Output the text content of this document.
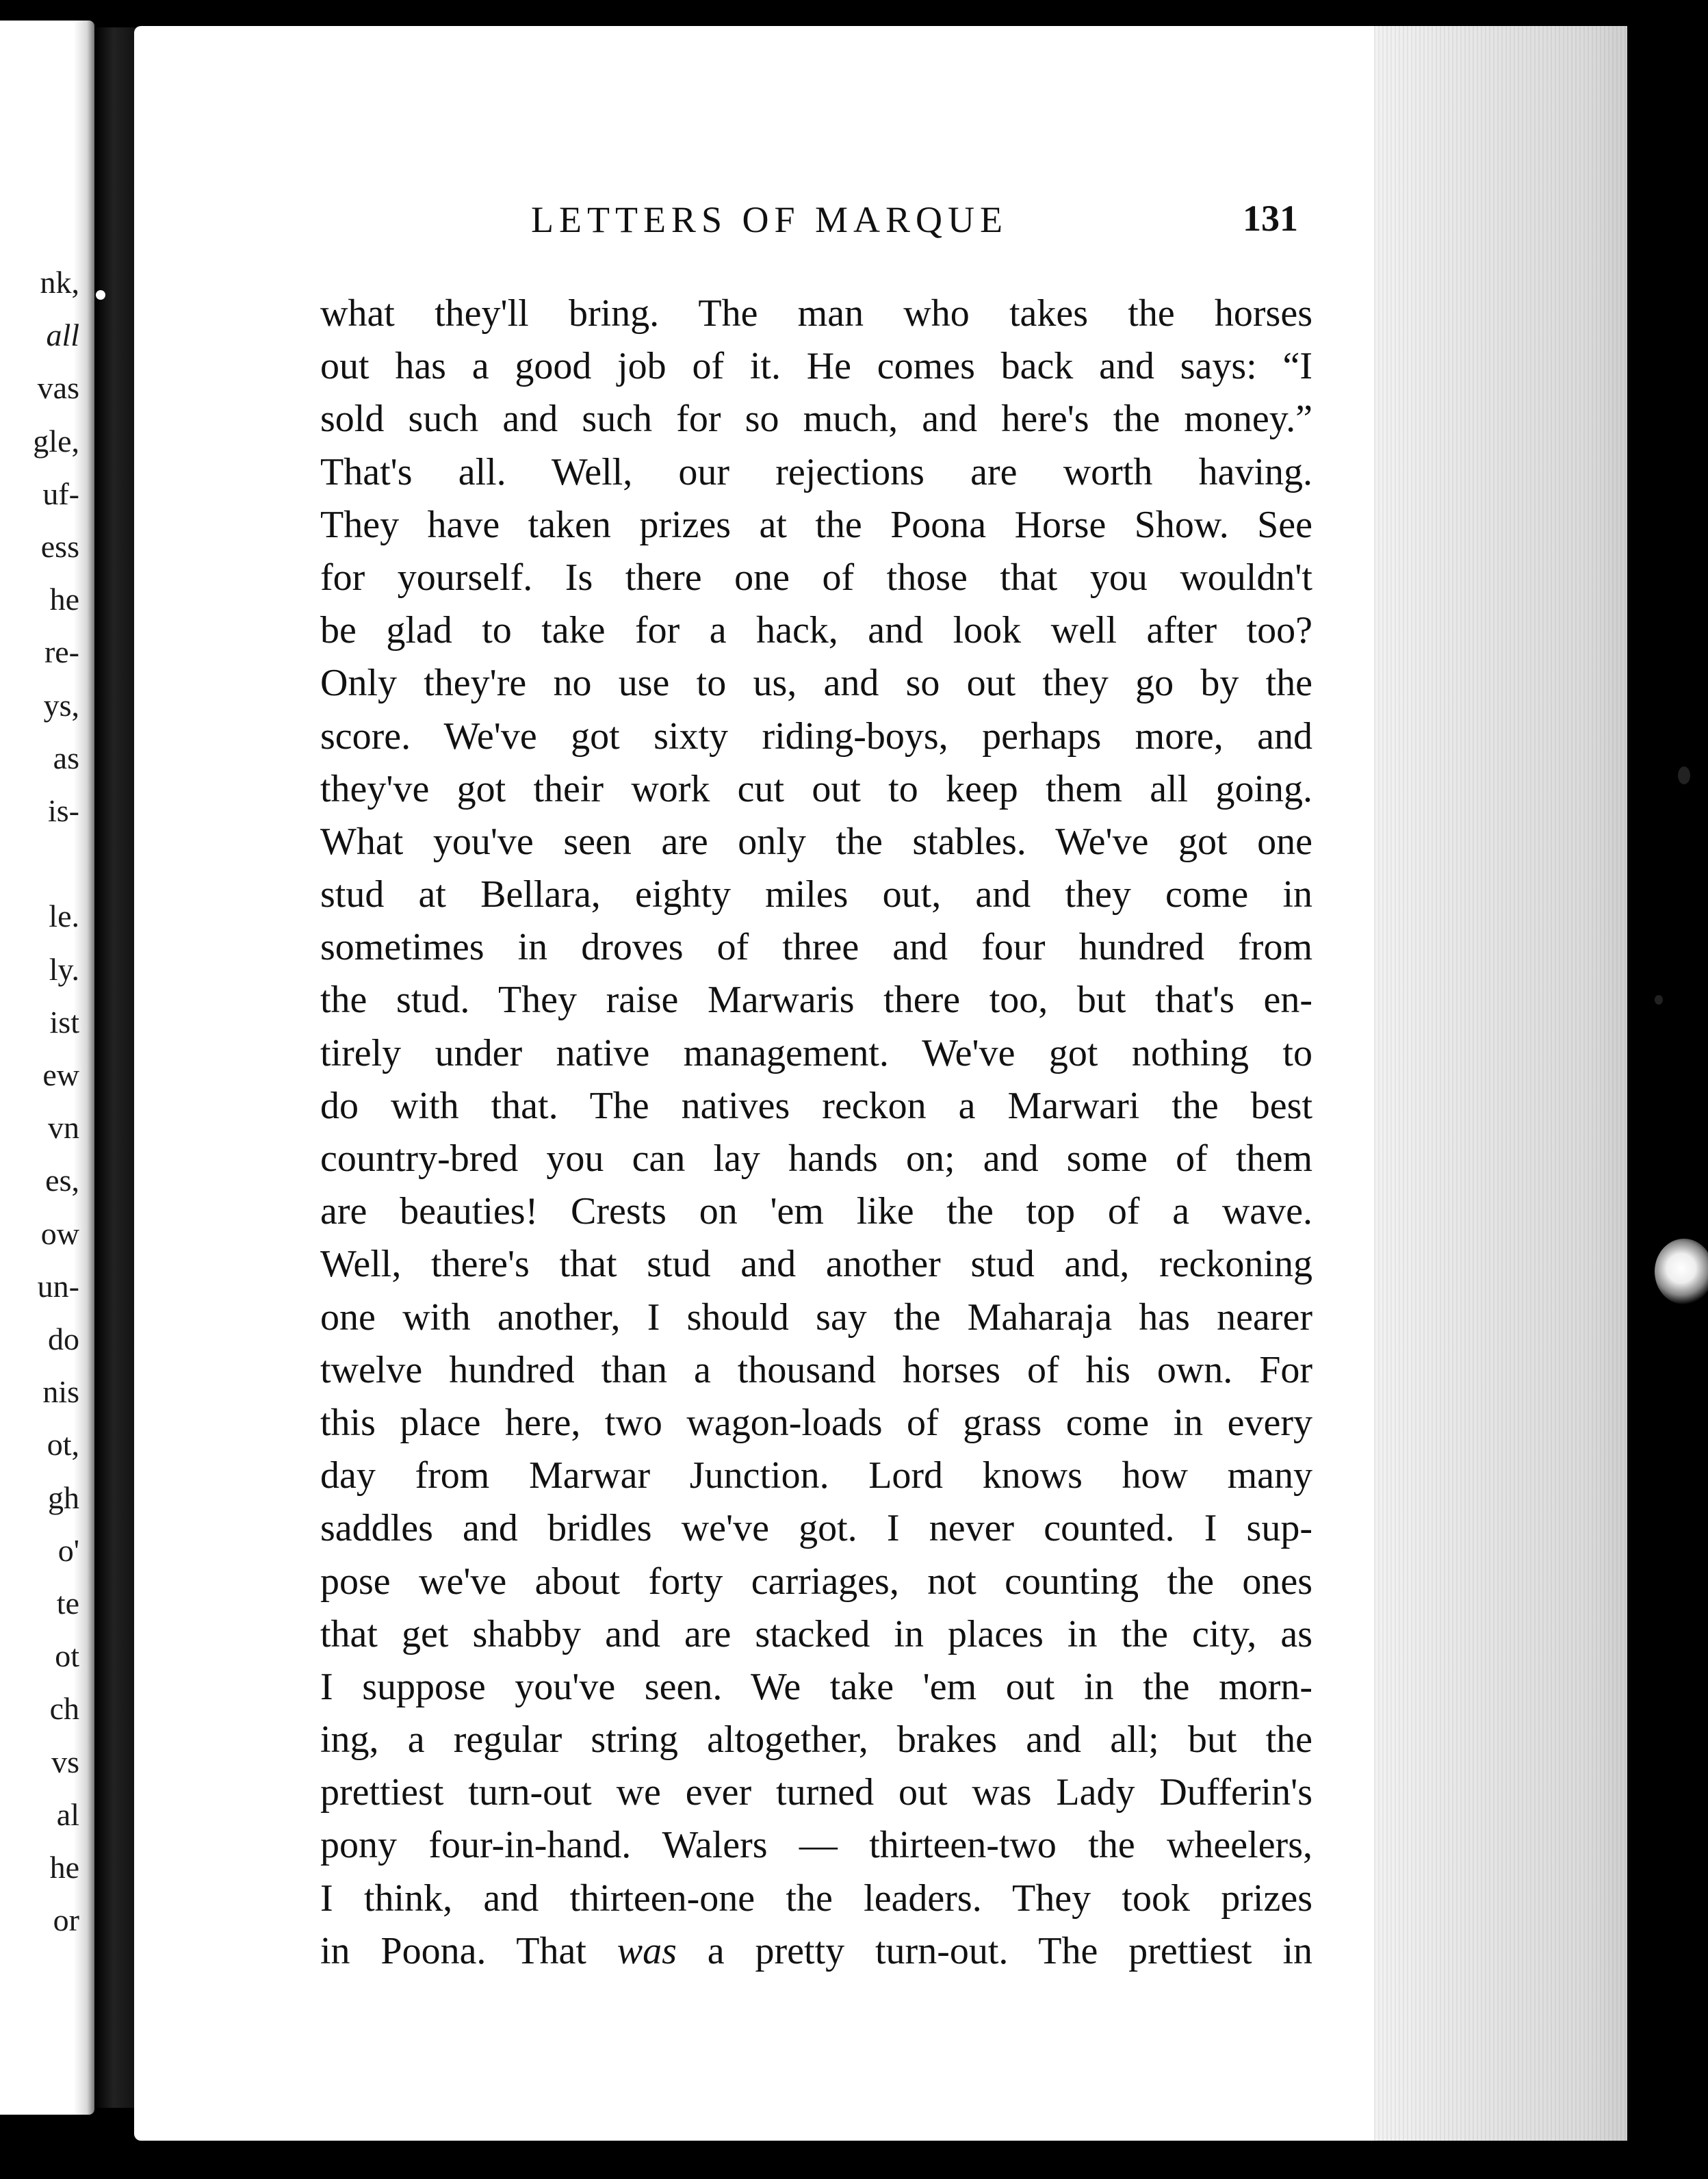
nk,
all
vas
gle,
uf-
ess
he
re-
ys,
as
is-
le.
ly.
ist
ew
vn
es,
ow
un-
do
nis
ot,
gh
o'
te
ot
ch
vs
al
he
or
LETTERS OF MARQUE	131
what they'll bring. The man who takes the horses
out has a good job of it. He comes back and says: “I
sold such and such for so much, and here's the money.”
That's all. Well, our rejections are worth having.
They have taken prizes at the Poona Horse Show. See
for yourself. Is there one of those that you wouldn't
be glad to take for a hack, and look well after too?
Only they're no use to us, and so out they go by the
score. We've got sixty riding-boys, perhaps more, and
they've got their work cut out to keep them all going.
What you've seen are only the stables. We've got one
stud at Bellara, eighty miles out, and they come in
sometimes in droves of three and four hundred from
the stud. They raise Marwaris there too, but that's en-
tirely under native management. We've got nothing to
do with that. The natives reckon a Marwari the best
country-bred you can lay hands on; and some of them
are beauties! Crests on 'em like the top of a wave.
Well, there's that stud and another stud and, reckoning
one with another, I should say the Maharaja has nearer
twelve hundred than a thousand horses of his own. For
this place here, two wagon-loads of grass come in every
day from Marwar Junction. Lord knows how many
saddles and bridles we've got. I never counted. I sup-
pose we've about forty carriages, not counting the ones
that get shabby and are stacked in places in the city, as
I suppose you've seen. We take 'em out in the morn-
ing, a regular string altogether, brakes and all; but the
prettiest turn-out we ever turned out was Lady Dufferin's
pony four-in-hand. Walers — thirteen-two the wheelers,
I think, and thirteen-one the leaders. They took prizes
in Poona. That was a pretty turn-out. The prettiest in
